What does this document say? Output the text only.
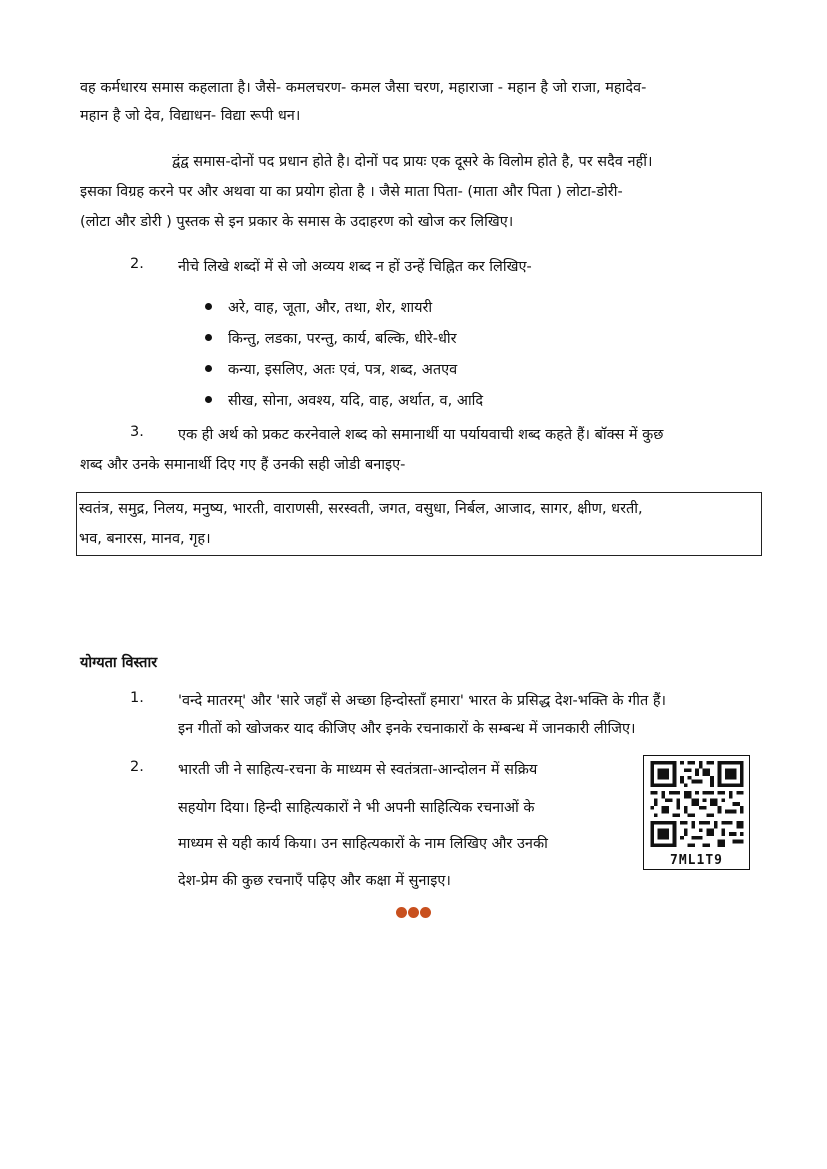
वह कर्मधारय समास कहलाता है। जैसे- कमलचरण- कमल जैसा चरण, महाराजा - महान है जो राजा, महादेव-
महान है जो देव, विद्याधन- विद्या रूपी धन।
द्वंद्व समास-दोनों पद प्रधान होते है। दोनों पद प्रायः एक दूसरे के विलोम होते है, पर सदैव नहीं।
इसका विग्रह करने पर और अथवा या का प्रयोग होता है । जैसे माता पिता- (माता और पिता ) लोटा-डोरी-
(लोटा और डोरी ) पुस्तक से इन प्रकार के समास के उदाहरण को खोज कर लिखिए।
2. नीचे लिखे शब्दों में से जो अव्यय शब्द न हों उन्हें चिह्नित कर लिखिए-
अरे, वाह, जूता, और, तथा, शेर, शायरी
किन्तु, लडका, परन्तु, कार्य, बल्कि, धीरे-धीर
कन्या, इसलिए, अतः एवं, पत्र, शब्द, अतएव
सीख, सोना, अवश्य, यदि, वाह, अर्थात, व, आदि
3. एक ही अर्थ को प्रकट करनेवाले शब्द को समानार्थी या पर्यायवाची शब्द कहते हैं। बॉक्स में कुछ
शब्द और उनके समानार्थी दिए गए हैं उनकी सही जोडी बनाइए-
स्वतंत्र, समुद्र, निलय, मनुष्य, भारती, वाराणसी, सरस्वती, जगत, वसुधा, निर्बल, आजाद, सागर, क्षीण, धरती,
भव, बनारस, मानव, गृह।
योग्यता विस्तार
1. 'वन्दे मातरम्' और 'सारे जहाँ से अच्छा हिन्दोस्ताँ हमारा' भारत के प्रसिद्ध देश-भक्ति के गीत हैं।
इन गीतों को खोजकर याद कीजिए और इनके रचनाकारों के सम्बन्ध में जानकारी लीजिए।
2. भारती जी ने साहित्य-रचना के माध्यम से स्वतंत्रता-आन्दोलन में सक्रिय
सहयोग दिया। हिन्दी साहित्यकारों ने भी अपनी साहित्यिक रचनाओं के
माध्यम से यही कार्य किया। उन साहित्यकारों के नाम लिखिए और उनकी
देश-प्रेम की कुछ रचनाएँ पढ़िए और कक्षा में सुनाइए।
7ML1T9
